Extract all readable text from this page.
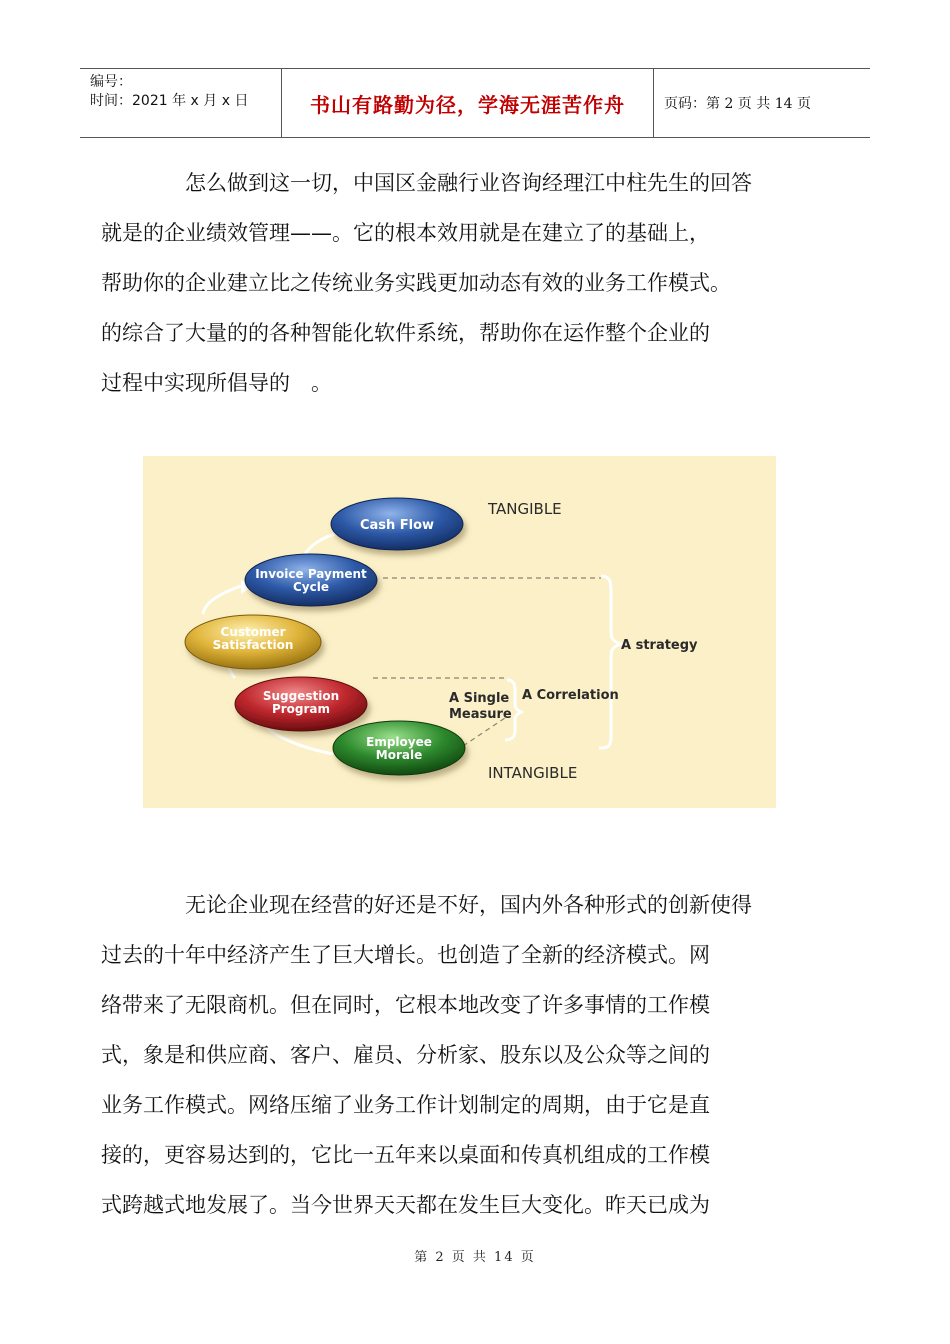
编号：
时间：2021 年 x 月 x 日	书山有路勤为径，学海无涯苦作舟	页码：第 2 页 共 14 页

怎么做到这一切，中国区金融行业咨询经理江中柱先生的回答
就是的企业绩效管理——。它的根本效用就是在建立了的基础上，
帮助你的企业建立比之传统业务实践更加动态有效的业务工作模式。
的综合了大量的的各种智能化软件系统，帮助你在运作整个企业的
过程中实现所倡导的　。

Cash Flow
Invoice Payment
Cycle
Customer
Satisfaction
Suggestion
Program
Employee
Morale
TANGIBLE
INTANGIBLE
A strategy
A Correlation
A Single
Measure

无论企业现在经营的好还是不好，国内外各种形式的创新使得
过去的十年中经济产生了巨大增长。也创造了全新的经济模式。网
络带来了无限商机。但在同时，它根本地改变了许多事情的工作模
式，象是和供应商、客户、雇员、分析家、股东以及公众等之间的
业务工作模式。网络压缩了业务工作计划制定的周期，由于它是直
接的，更容易达到的，它比一五年来以桌面和传真机组成的工作模
式跨越式地发展了。当今世界天天都在发生巨大变化。昨天已成为

第 2 页 共 14 页
